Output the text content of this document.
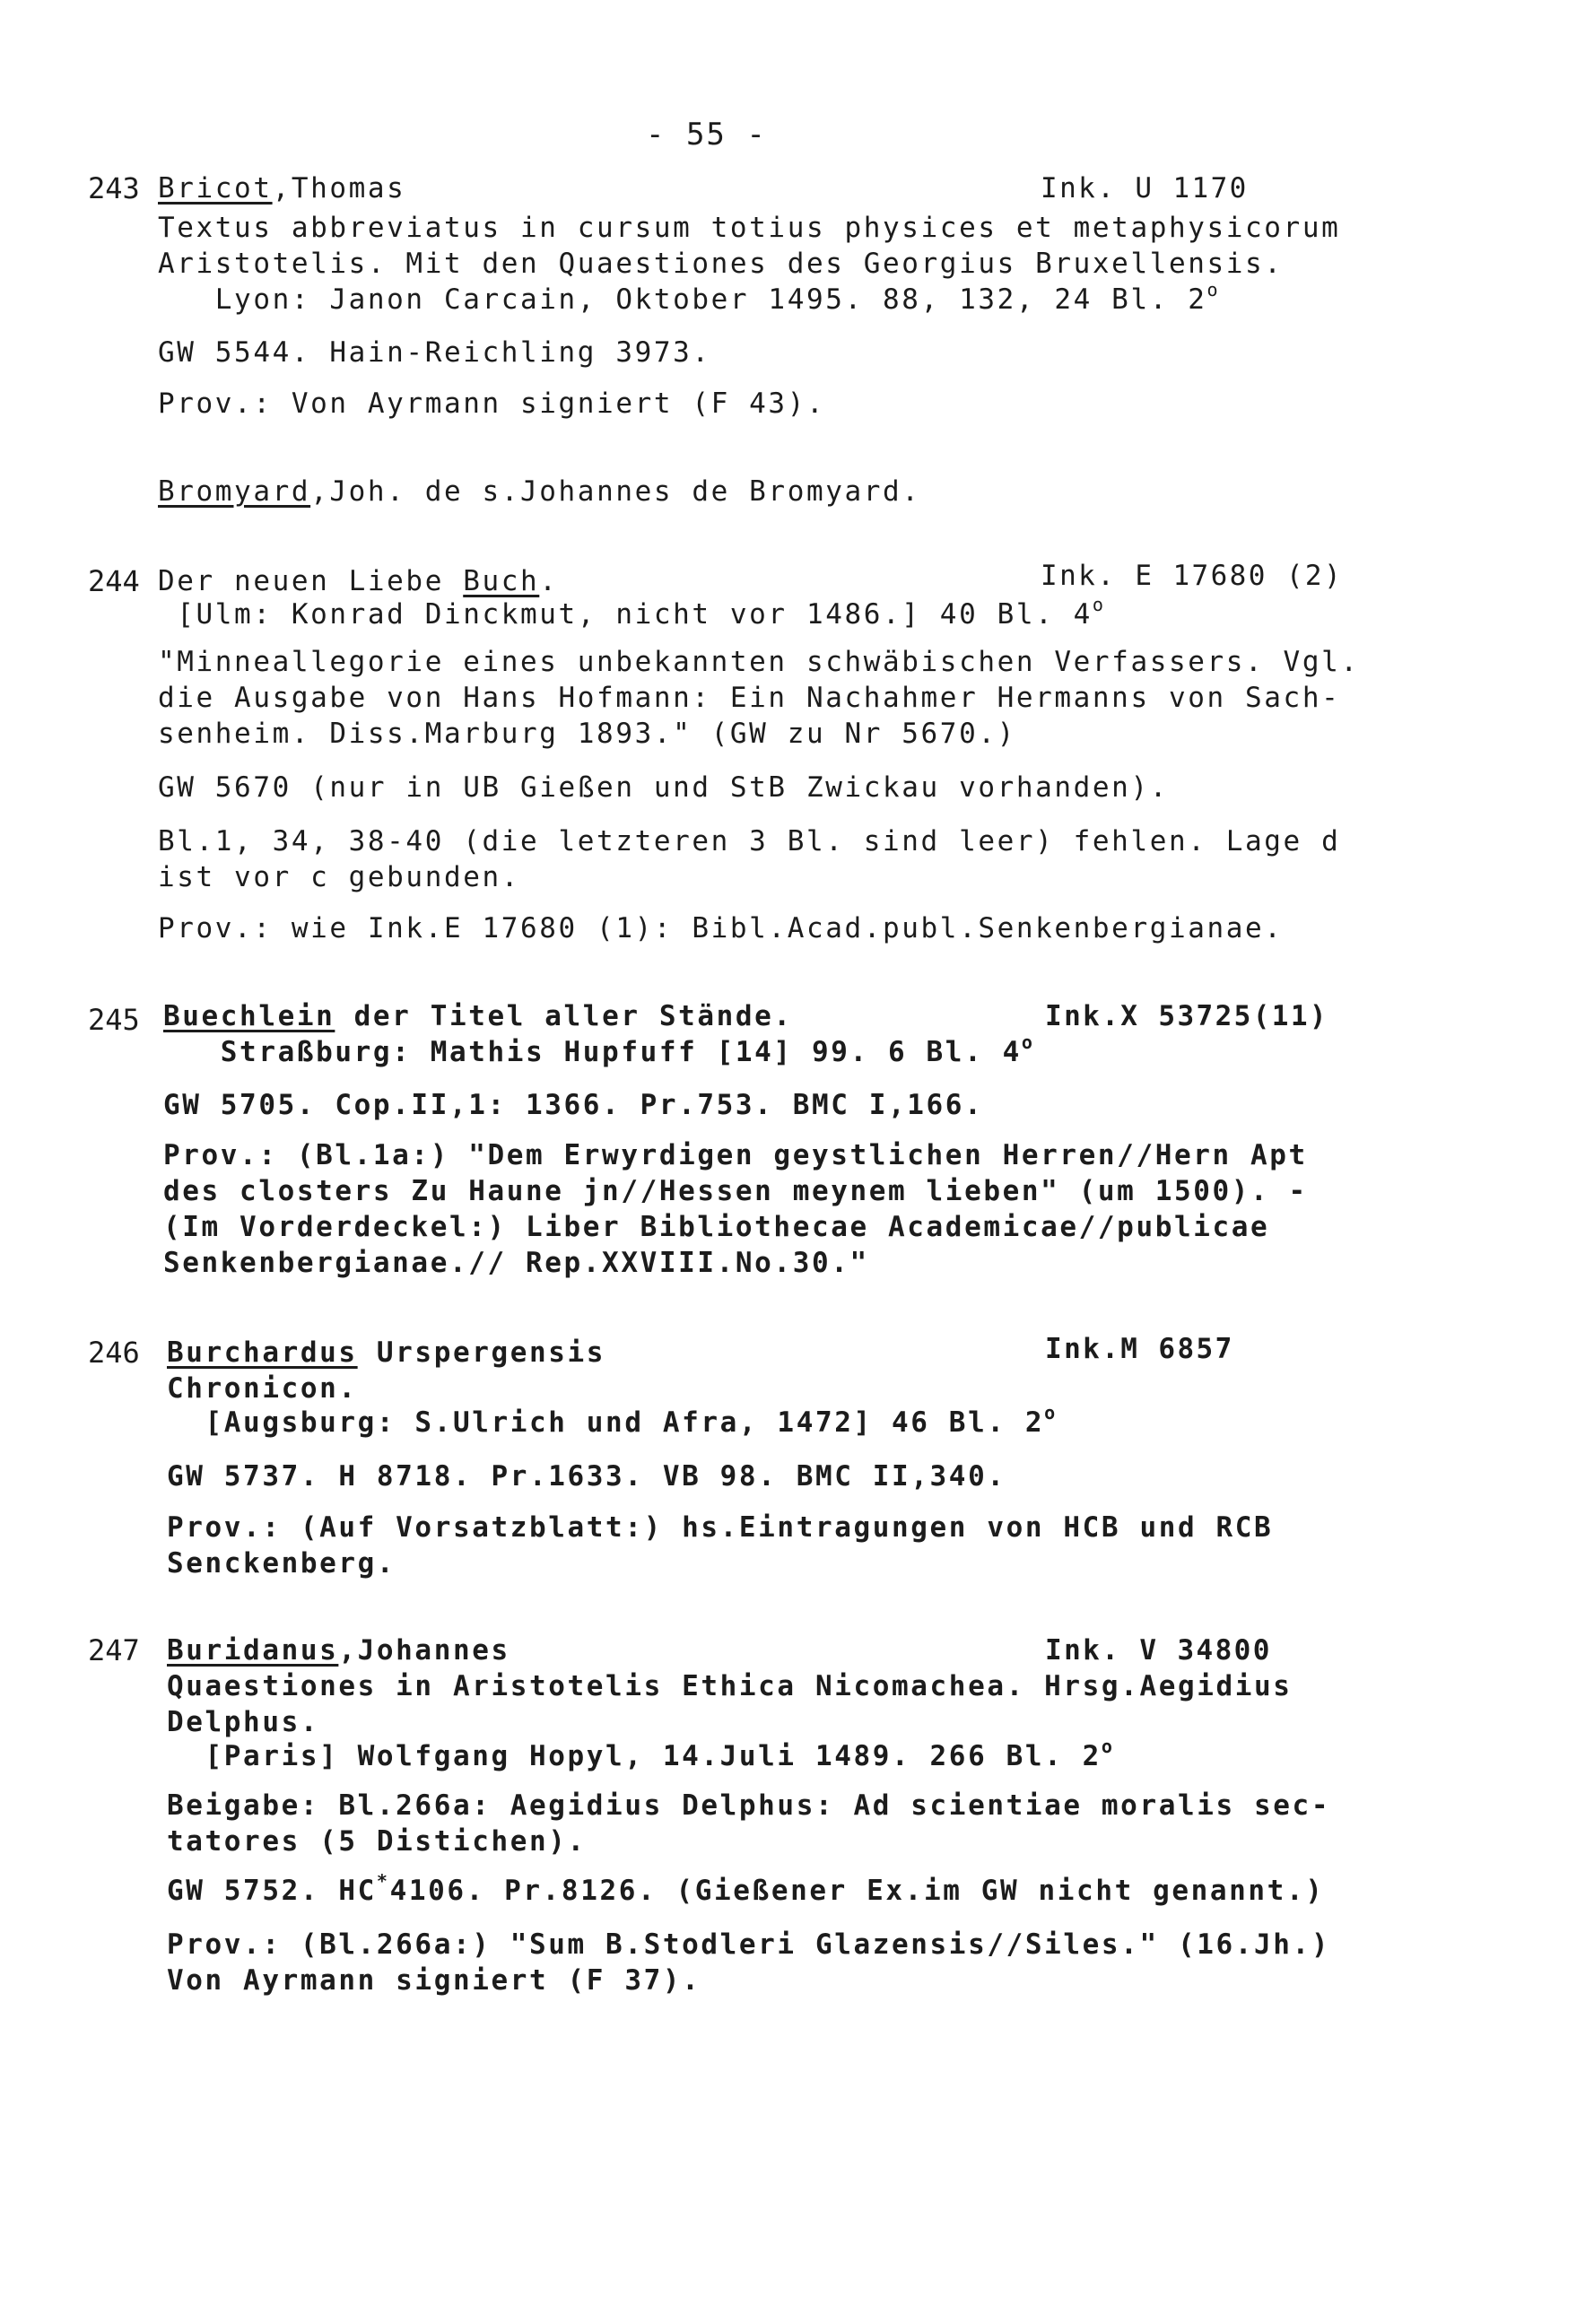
- 55 -
243 Bricot,Thomas	Ink. U 1170
Textus abbreviatus in cursum totius physices et metaphysicorum
Aristotelis. Mit den Quaestiones des Georgius Bruxellensis.
Lyon: Janon Carcain, Oktober 1495. 88, 132, 24 Bl. 2$^o$
GW 5544. Hain-Reichling 3973.
Prov.: Von Ayrmann signiert (F 43).
Bromyard,Joh. de s.Johannes de Bromyard.
244 Der neuen Liebe Buch.	Ink. E 17680 (2)
[Ulm: Konrad Dinckmut, nicht vor 1486.] 40 Bl. 4$^o$
"Minneallegorie eines unbekannten schwäbischen Verfassers. Vgl.
die Ausgabe von Hans Hofmann: Ein Nachahmer Hermanns von Sach-
senheim. Diss.Marburg 1893." (GW zu Nr 5670.)
GW 5670 (nur in UB Gießen und StB Zwickau vorhanden).
Bl.1, 34, 38-40 (die letzteren 3 Bl. sind leer) fehlen. Lage d
ist vor c gebunden.
Prov.: wie Ink.E 17680 (1): Bibl.Acad.publ.Senkenbergianae.
245 Buechlein der Titel aller Stände.	Ink.X 53725(11)
Straßburg: Mathis Hupfuff [14] 99. 6 Bl. 4$^o$
GW 5705. Cop.II,1: 1366. Pr.753. BMC I,166.
Prov.: (Bl.1a:) "Dem Erwyrdigen geystlichen Herren//Hern Apt
des closters Zu Haune jn//Hessen meynem lieben" (um 1500). -
(Im Vorderdeckel:) Liber Bibliothecae Academicae//publicae
Senkenbergianae.// Rep.XXVIII.No.30."
246 Burchardus Urspergensis	Ink.M 6857
Chronicon.
[Augsburg: S.Ulrich und Afra, 1472] 46 Bl. 2$^o$
GW 5737. H 8718. Pr.1633. VB 98. BMC II,340.
Prov.: (Auf Vorsatzblatt:) hs.Eintragungen von HCB und RCB
Senckenberg.
247 Buridanus,Johannes	Ink. V 34800
Quaestiones in Aristotelis Ethica Nicomachea. Hrsg.Aegidius
Delphus.
[Paris] Wolfgang Hopyl, 14.Juli 1489. 266 Bl. 2$^o$
Beigabe: Bl.266a: Aegidius Delphus: Ad scientiae moralis sec-
tatores (5 Distichen).
GW 5752. HC*4106. Pr.8126. (Gießener Ex.im GW nicht genannt.)
Prov.: (Bl.266a:) "Sum B.Stodleri Glazensis//Siles." (16.Jh.)
Von Ayrmann signiert (F 37).
